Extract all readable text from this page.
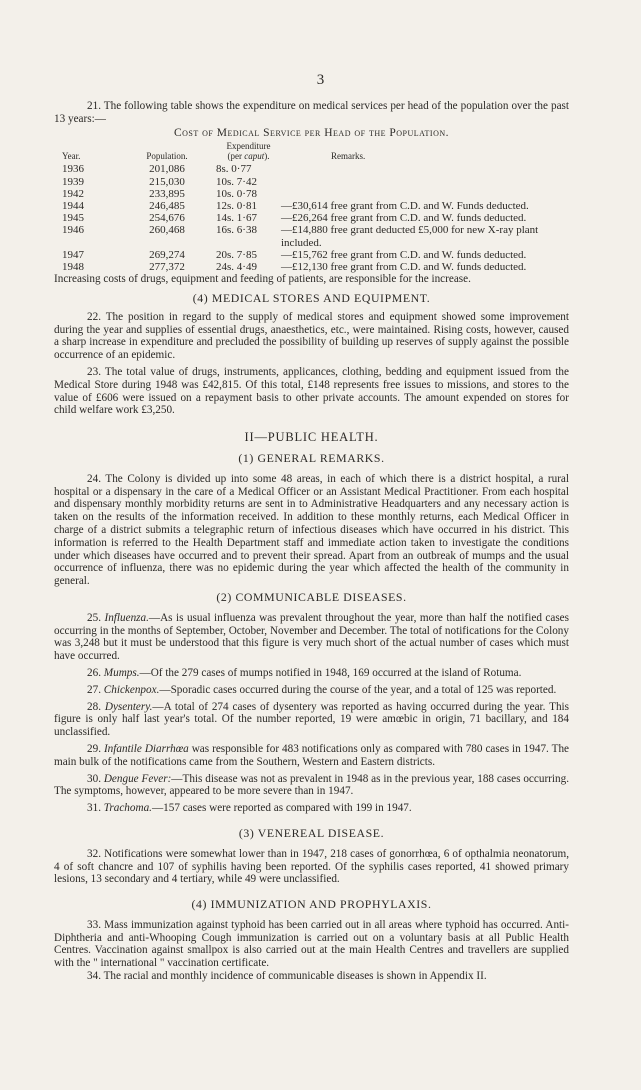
3

21. The following table shows the expenditure on medical services per head of the population over the past 13 years:—

Cost of Medical Service per Head of the Population.
Year.	Population.	Expenditure
(per caput).	Remarks.
1936	201,086	8s. 0·77	
1939	215,030	10s. 7·42	
1942	233,895	10s. 0·78	
1944	246,485	12s. 0·81	—£30,614 free grant from C.D. and W. Funds deducted.
1945	254,676	14s. 1·67	—£26,264 free grant from C.D. and W. funds deducted.
1946	260,468	16s. 6·38	—£14,880 free grant deducted £5,000 for new X-ray plant included.
1947	269,274	20s. 7·85	—£15,762 free grant from C.D. and W. funds deducted.
1948	277,372	24s. 4·49	—£12,130 free grant from C.D. and W. funds deducted.

Increasing costs of drugs, equipment and feeding of patients, are responsible for the increase.

(4) MEDICAL STORES AND EQUIPMENT.

22. The position in regard to the supply of medical stores and equipment showed some improvement during the year and supplies of essential drugs, anaesthetics, etc., were maintained. Rising costs, however, caused a sharp increase in expenditure and precluded the possibility of building up reserves of supply against the possible occurrence of an epidemic.

23. The total value of drugs, instruments, applicances, clothing, bedding and equipment issued from the Medical Store during 1948 was £42,815. Of this total, £148 represents free issues to missions, and stores to the value of £606 were issued on a repayment basis to other private accounts. The amount expended on stores for child welfare work £3,250.

II—PUBLIC HEALTH.
(1) GENERAL REMARKS.

24. The Colony is divided up into some 48 areas, in each of which there is a district hospital, a rural hospital or a dispensary in the care of a Medical Officer or an Assistant Medical Practitioner. From each hospital and dispensary monthly morbidity returns are sent in to Administrative Headquarters and any necessary action is taken on the results of the information received. In addition to these monthly returns, each Medical Officer in charge of a district submits a telegraphic return of infectious diseases which have occurred in his district. This information is referred to the Health Department staff and immediate action taken to investigate the conditions under which diseases have occurred and to prevent their spread. Apart from an outbreak of mumps and the usual occurrence of influenza, there was no epidemic during the year which affected the health of the community in general.

(2) COMMUNICABLE DISEASES.

25. Influenza.—As is usual influenza was prevalent throughout the year, more than half the notified cases occurring in the months of September, October, November and December. The total of notifications for the Colony was 3,248 but it must be understood that this figure is very much short of the actual number of cases which must have occurred.

26. Mumps.—Of the 279 cases of mumps notified in 1948, 169 occurred at the island of Rotuma.

27. Chickenpox.—Sporadic cases occurred during the course of the year, and a total of 125 was reported.

28. Dysentery.—A total of 274 cases of dysentery was reported as having occurred during the year. This figure is only half last year's total. Of the number reported, 19 were amœbic in origin, 71 bacillary, and 184 unclassified.

29. Infantile Diarrhœa was responsible for 483 notifications only as compared with 780 cases in 1947. The main bulk of the notifications came from the Southern, Western and Eastern districts.

30. Dengue Fever:—This disease was not as prevalent in 1948 as in the previous year, 188 cases occurring. The symptoms, however, appeared to be more severe than in 1947.

31. Trachoma.—157 cases were reported as compared with 199 in 1947.

(3) VENEREAL DISEASE.

32. Notifications were somewhat lower than in 1947, 218 cases of gonorrhœa, 6 of opthalmia neonatorum, 4 of soft chancre and 107 of syphilis having been reported. Of the syphilis cases reported, 41 showed primary lesions, 13 secondary and 4 tertiary, while 49 were unclassified.

(4) IMMUNIZATION AND PROPHYLAXIS.

33. Mass immunization against typhoid has been carried out in all areas where typhoid has occurred. Anti-Diphtheria and anti-Whooping Cough immunization is carried out on a voluntary basis at all Public Health Centres. Vaccination against smallpox is also carried out at the main Health Centres and travellers are supplied with the " international " vaccination certificate.

34. The racial and monthly incidence of communicable diseases is shown in Appendix II.
